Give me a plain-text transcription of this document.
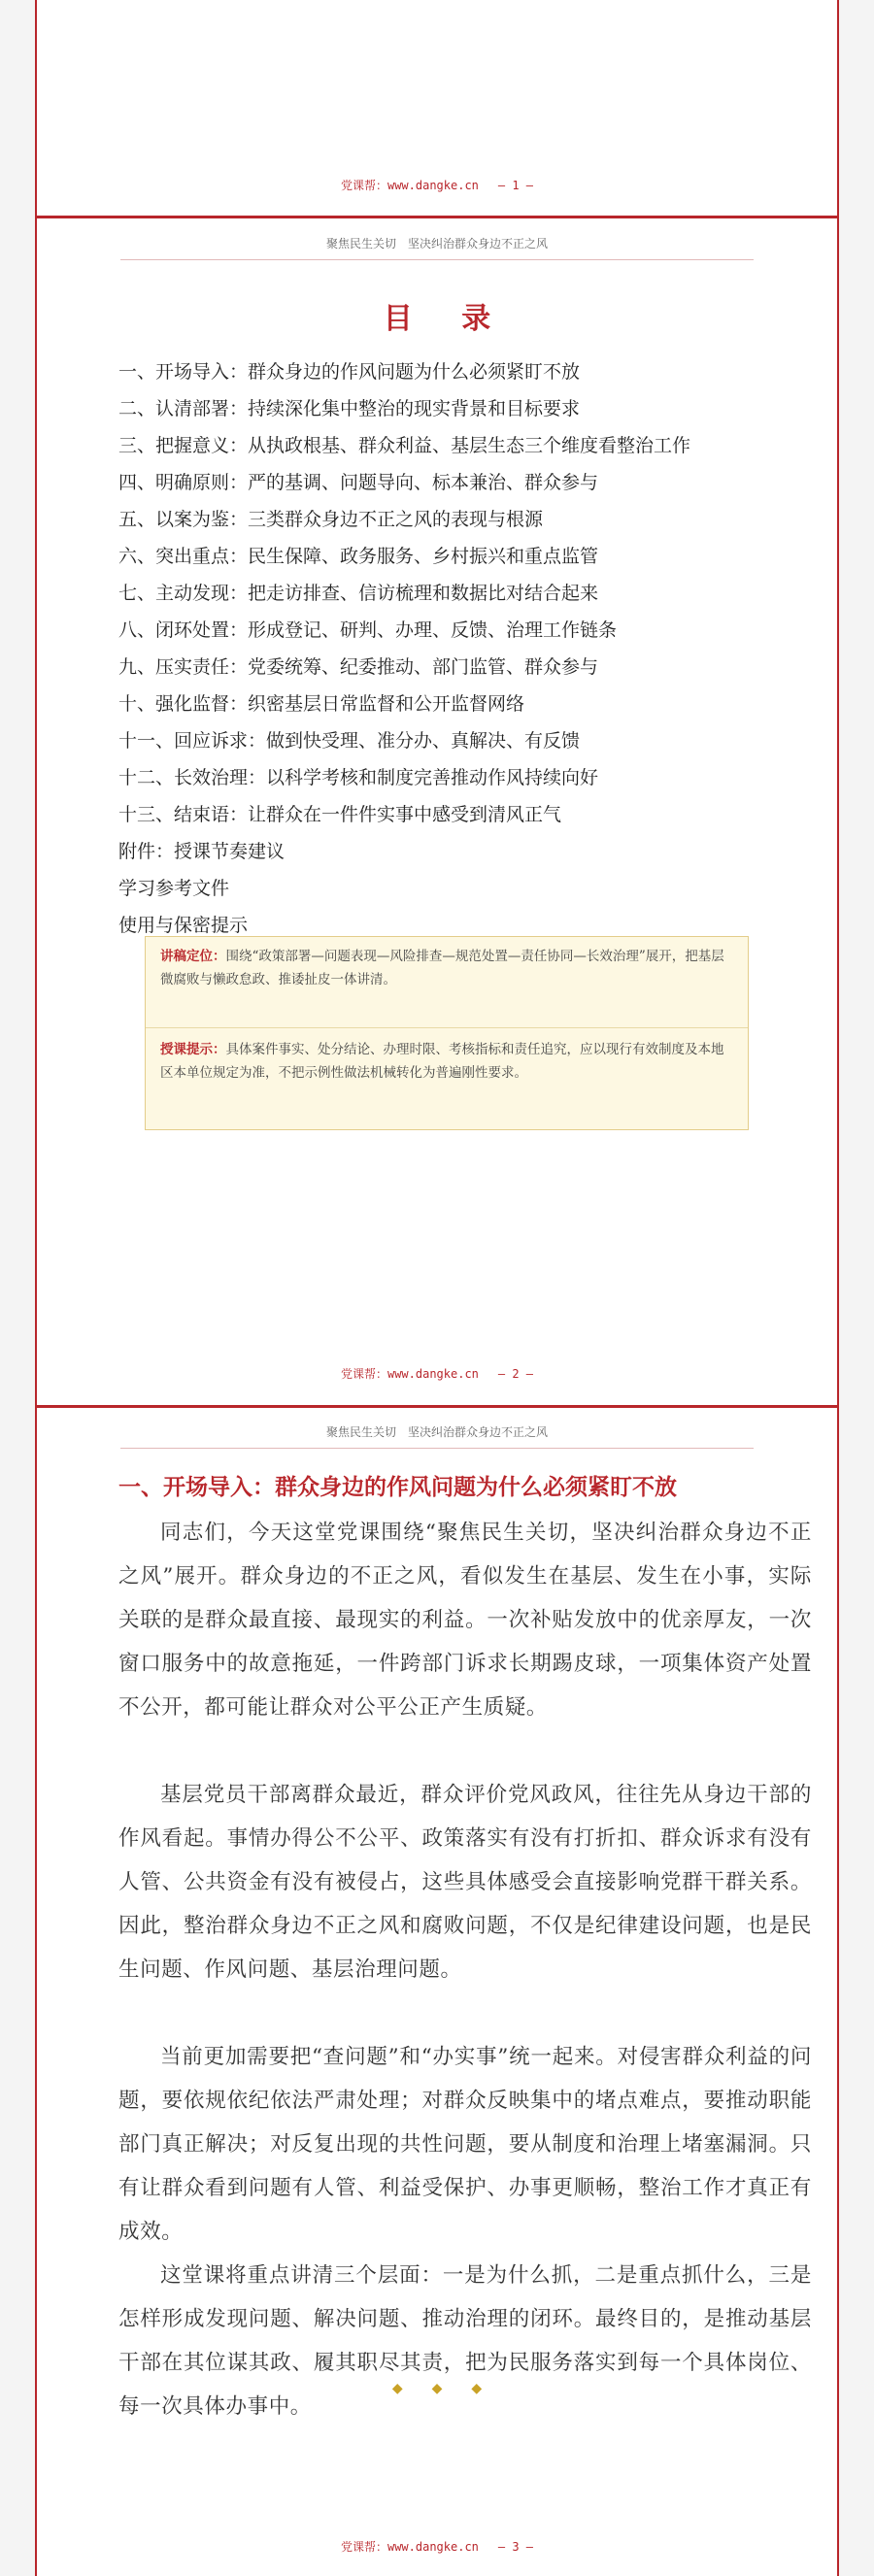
党课帮：www.dangke.cn — 1 —
聚焦民生关切　坚决纠治群众身边不正之风
目 录
一、开场导入：群众身边的作风问题为什么必须紧盯不放
二、认清部署：持续深化集中整治的现实背景和目标要求
三、把握意义：从执政根基、群众利益、基层生态三个维度看整治工作
四、明确原则：严的基调、问题导向、标本兼治、群众参与
五、以案为鉴：三类群众身边不正之风的表现与根源
六、突出重点：民生保障、政务服务、乡村振兴和重点监管
七、主动发现：把走访排查、信访梳理和数据比对结合起来
八、闭环处置：形成登记、研判、办理、反馈、治理工作链条
九、压实责任：党委统筹、纪委推动、部门监管、群众参与
十、强化监督：织密基层日常监督和公开监督网络
十一、回应诉求：做到快受理、准分办、真解决、有反馈
十二、长效治理：以科学考核和制度完善推动作风持续向好
十三、结束语：让群众在一件件实事中感受到清风正气
附件：授课节奏建议
学习参考文件
使用与保密提示

讲稿定位：围绕“政策部署—问题表现—风险排查—规范处置—责任协同—长效治理”展开，把基层微腐败与懒政怠政、推诿扯皮一体讲清。

授课提示：具体案件事实、处分结论、办理时限、考核指标和责任追究，应以现行有效制度及本地区本单位规定为准，不把示例性做法机械转化为普遍刚性要求。

党课帮：www.dangke.cn — 2 —
聚焦民生关切　坚决纠治群众身边不正之风
一、开场导入：群众身边的作风问题为什么必须紧盯不放

同志们，今天这堂党课围绕“聚焦民生关切，坚决纠治群众身边不正之风”展开。群众身边的不正之风，看似发生在基层、发生在小事，实际关联的是群众最直接、最现实的利益。一次补贴发放中的优亲厚友，一次窗口服务中的故意拖延，一件跨部门诉求长期踢皮球，一项集体资产处置不公开，都可能让群众对公平公正产生质疑。

基层党员干部离群众最近，群众评价党风政风，往往先从身边干部的作风看起。事情办得公不公平、政策落实有没有打折扣、群众诉求有没有人管、公共资金有没有被侵占，这些具体感受会直接影响党群干群关系。因此，整治群众身边不正之风和腐败问题，不仅是纪律建设问题，也是民生问题、作风问题、基层治理问题。

当前更加需要把“查问题”和“办实事”统一起来。对侵害群众利益的问题，要依规依纪依法严肃处理；对群众反映集中的堵点难点，要推动职能部门真正解决；对反复出现的共性问题，要从制度和治理上堵塞漏洞。只有让群众看到问题有人管、利益受保护、办事更顺畅，整治工作才真正有成效。

这堂课将重点讲清三个层面：一是为什么抓，二是重点抓什么，三是怎样形成发现问题、解决问题、推动治理的闭环。最终目的，是推动基层干部在其位谋其政、履其职尽其责，把为民服务落实到每一个具体岗位、每一次具体办事中。

◆◆◆
党课帮：www.dangke.cn — 3 —
